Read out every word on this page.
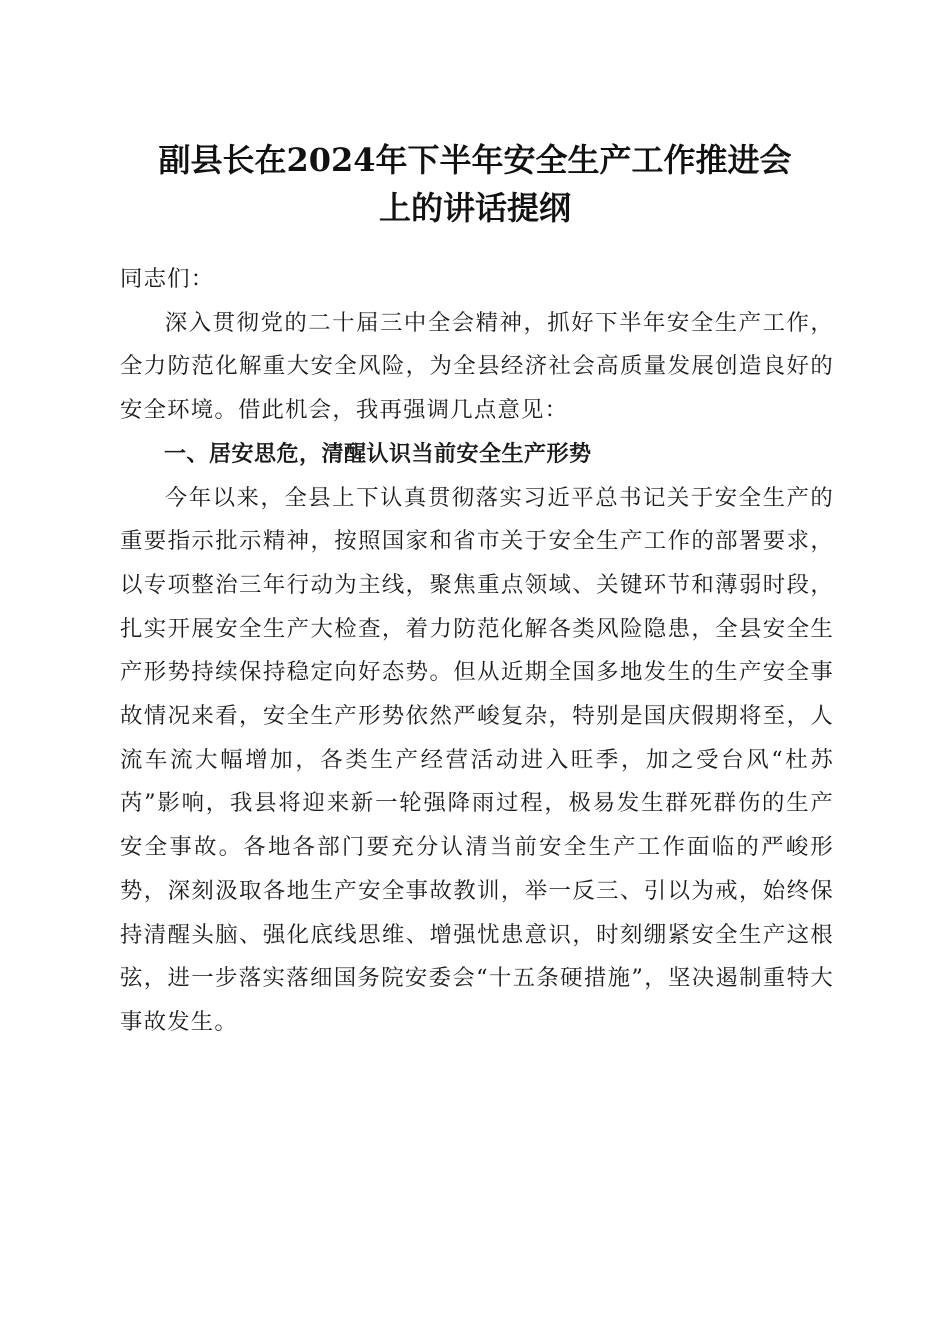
副县长在2024年下半年安全生产工作推进会
上的讲话提纲

同志们：

深入贯彻党的二十届三中全会精神，抓好下半年安全生产工作，全力防范化解重大安全风险，为全县经济社会高质量发展创造良好的安全环境。借此机会，我再强调几点意见：

一、居安思危，清醒认识当前安全生产形势

今年以来，全县上下认真贯彻落实习近平总书记关于安全生产的重要指示批示精神，按照国家和省市关于安全生产工作的部署要求，以专项整治三年行动为主线，聚焦重点领域、关键环节和薄弱时段，扎实开展安全生产大检查，着力防范化解各类风险隐患，全县安全生产形势持续保持稳定向好态势。但从近期全国多地发生的生产安全事故情况来看，安全生产形势依然严峻复杂，特别是国庆假期将至，人流车流大幅增加，各类生产经营活动进入旺季，加之受台风“杜苏芮”影响，我县将迎来新一轮强降雨过程，极易发生群死群伤的生产安全事故。各地各部门要充分认清当前安全生产工作面临的严峻形势，深刻汲取各地生产安全事故教训，举一反三、引以为戒，始终保持清醒头脑、强化底线思维、增强忧患意识，时刻绷紧安全生产这根弦，进一步落实落细国务院安委会“十五条硬措施”，坚决遏制重特大事故发生。
